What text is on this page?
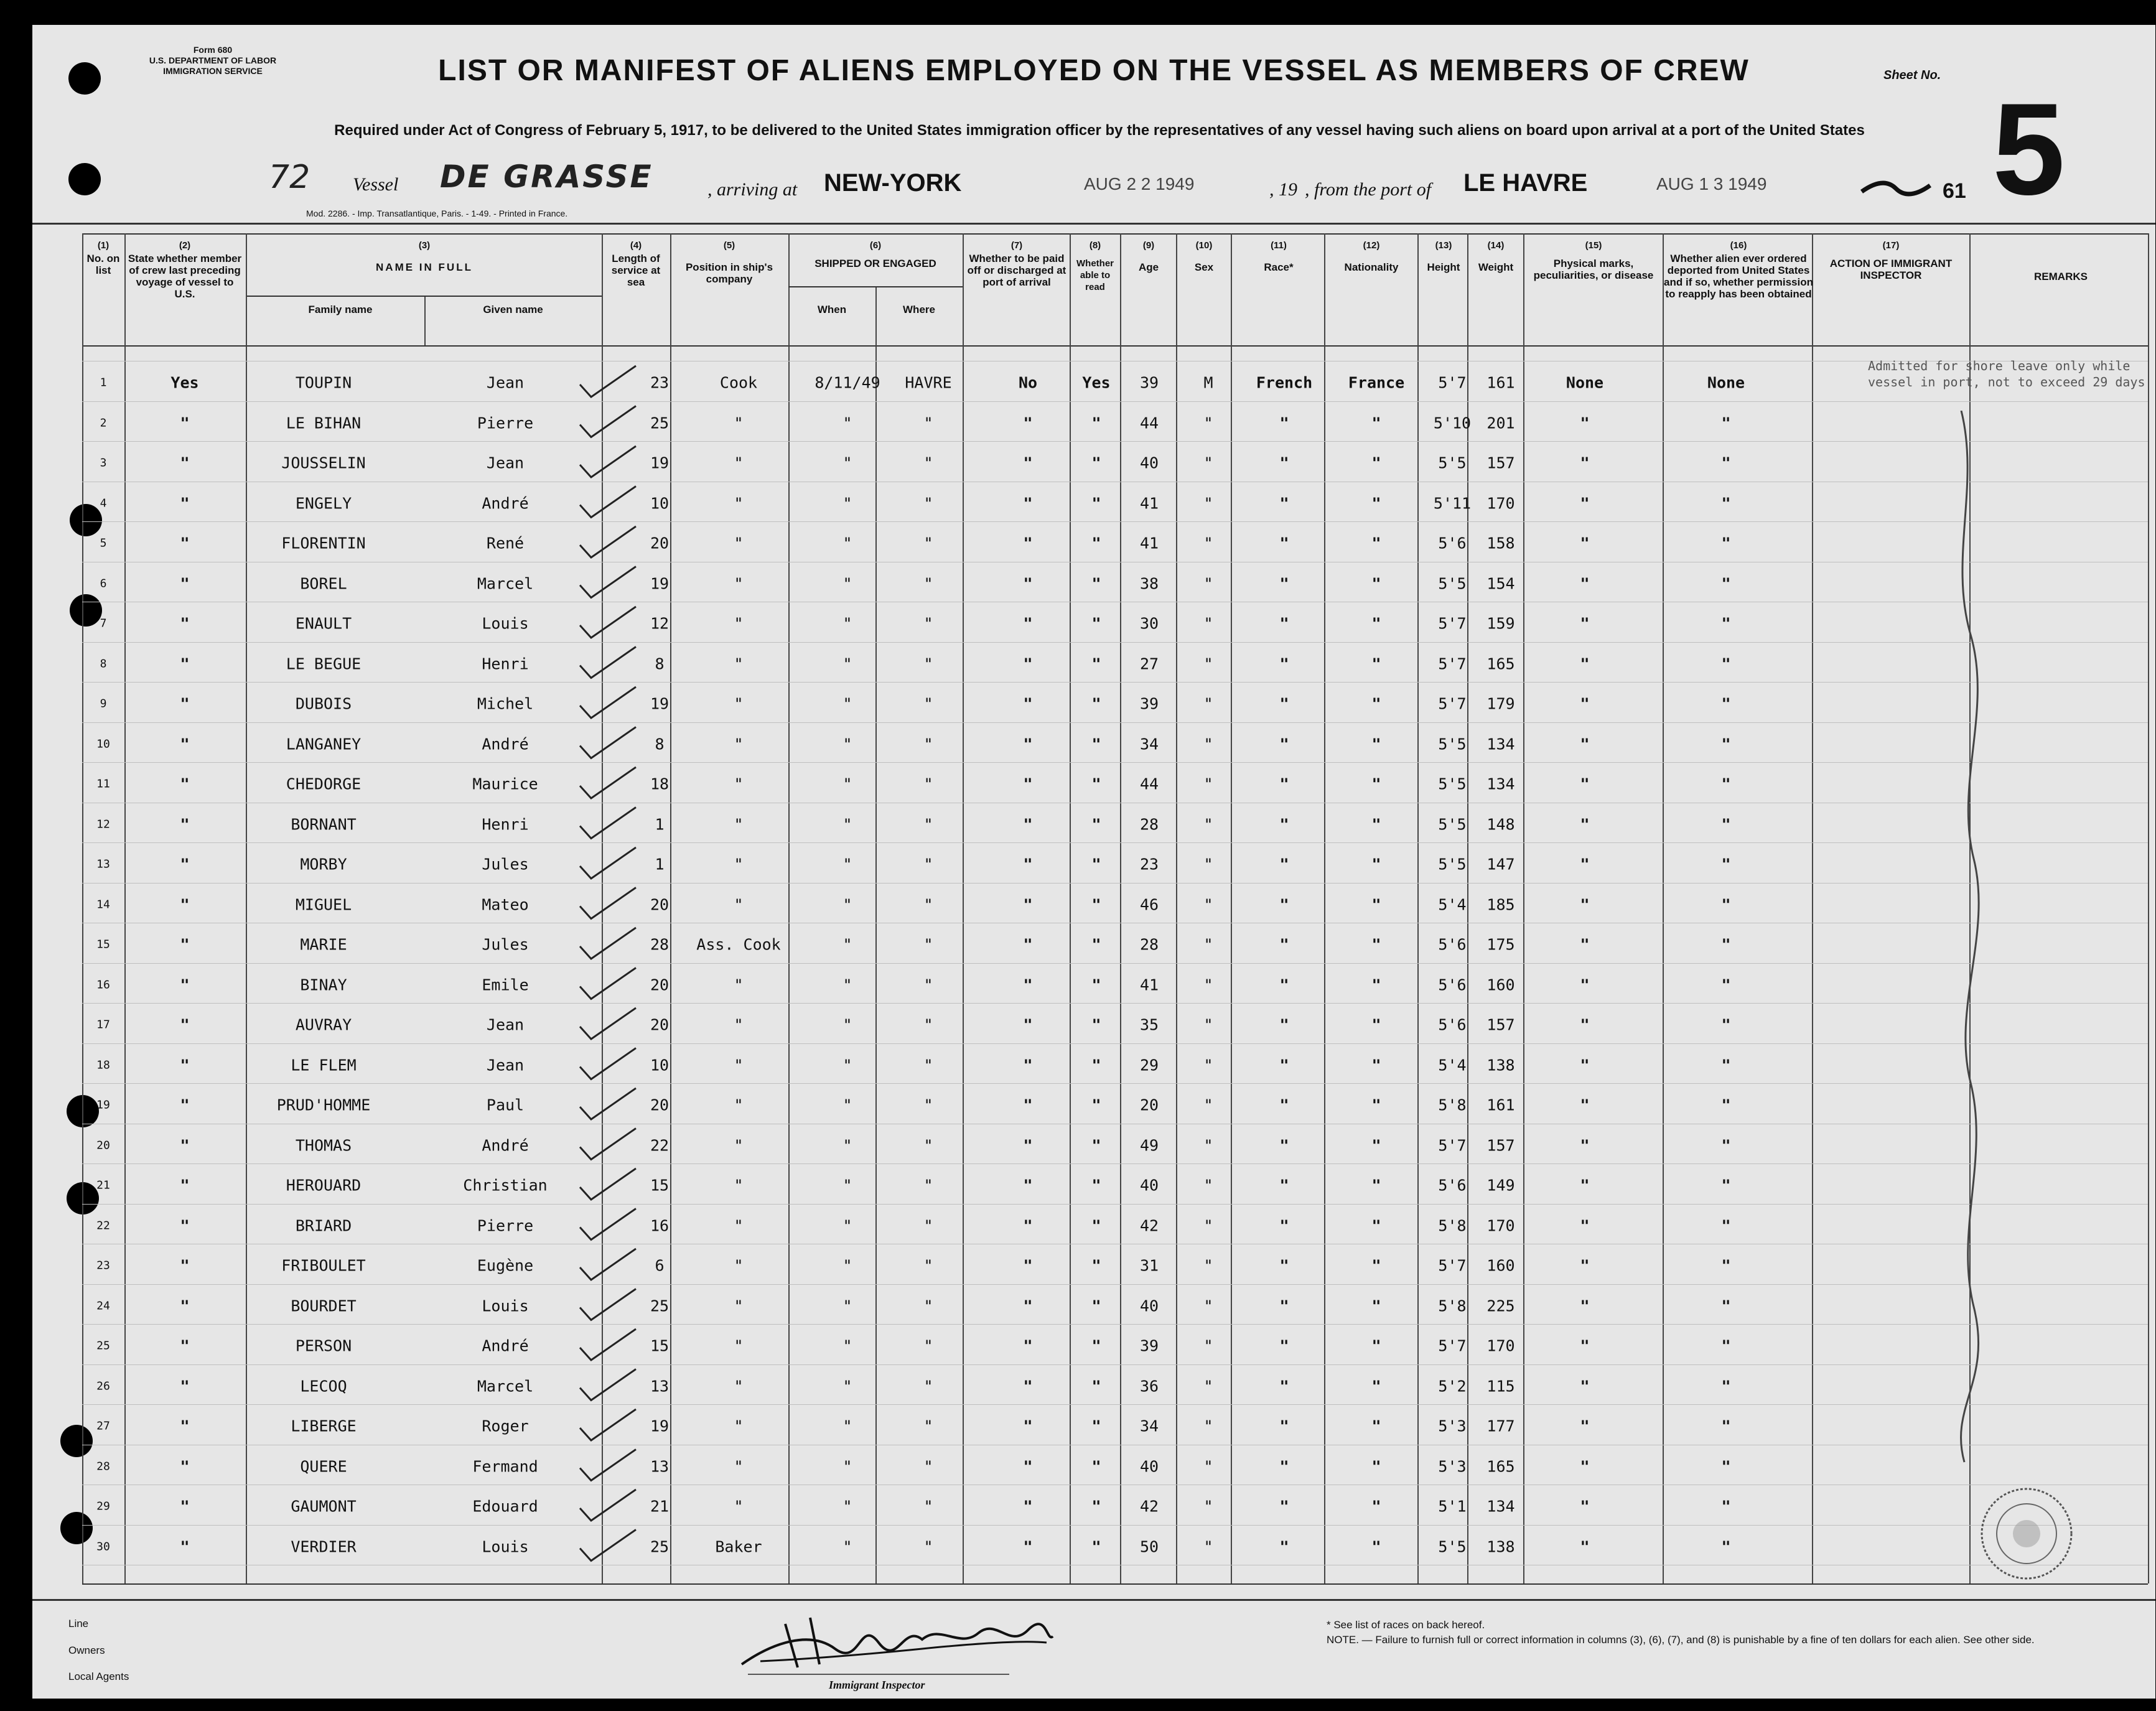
Form 680
U.S. DEPARTMENT OF LABOR
IMMIGRATION SERVICE	LIST OR MANIFEST OF ALIENS EMPLOYED ON THE VESSEL AS MEMBERS OF CREW	Sheet No.
5
Required under Act of Congress of February 5, 1917, to be delivered to the United States immigration officer by the representatives of any vessel having such aliens on board upon arrival at a port of the United States
72 Vessel DE GRASSE	, arriving at NEW-YORK	AUG 2 2 1949	, 19 , from the port of LE HAVRE	AUG 1 3 1949	61
Mod. 2286. - Imp. Transatlantique, Paris. - 1-49. - Printed in France.
(1)
No. on list
(2)
State whether member of crew last preceding voyage of vessel to U.S.
(3)
NAME IN FULL
Family name	Given name
(4)
Length of service at sea
(5)
Position in ship's company
(6)
SHIPPED OR ENGAGED
When	Where
(7)
Whether to be paid off or discharged at port of arrival
(8)
Whether able to read
(9)
Age
(10)
Sex
(11)
Race*
(12)
Nationality
(13)
Height
(14)
Weight
(15)
Physical marks, peculiarities, or disease
(16)
Whether alien ever ordered deported from United States and if so, whether permission to reapply has been obtained
(17)
ACTION OF IMMIGRANT INSPECTOR	REMARKS
1	Yes	TOUPIN	Jean	23	Cook	8/11/49	HAVRE	No	Yes	39	M	French	France	5'7	161	None	None
2	"	LE BIHAN	Pierre	25	"	"	"	"	"	44	"	"	"	5'10	201	"	"
3	"	JOUSSELIN	Jean	19	"	"	"	"	"	40	"	"	"	5'5	157	"	"
4	"	ENGELY	André	10	"	"	"	"	"	41	"	"	"	5'11	170	"	"
5	"	FLORENTIN	René	20	"	"	"	"	"	41	"	"	"	5'6	158	"	"
6	"	BOREL	Marcel	19	"	"	"	"	"	38	"	"	"	5'5	154	"	"
7	"	ENAULT	Louis	12	"	"	"	"	"	30	"	"	"	5'7	159	"	"
8	"	LE BEGUE	Henri	8	"	"	"	"	"	27	"	"	"	5'7	165	"	"
9	"	DUBOIS	Michel	19	"	"	"	"	"	39	"	"	"	5'7	179	"	"
10	"	LANGANEY	André	8	"	"	"	"	"	34	"	"	"	5'5	134	"	"
11	"	CHEDORGE	Maurice	18	"	"	"	"	"	44	"	"	"	5'5	134	"	"
12	"	BORNANT	Henri	1	"	"	"	"	"	28	"	"	"	5'5	148	"	"
13	"	MORBY	Jules	1	"	"	"	"	"	23	"	"	"	5'5	147	"	"
14	"	MIGUEL	Mateo	20	"	"	"	"	"	46	"	"	"	5'4	185	"	"
15	"	MARIE	Jules	28	Ass. Cook	"	"	"	"	28	"	"	"	5'6	175	"	"
16	"	BINAY	Emile	20	"	"	"	"	"	41	"	"	"	5'6	160	"	"
17	"	AUVRAY	Jean	20	"	"	"	"	"	35	"	"	"	5'6	157	"	"
18	"	LE FLEM	Jean	10	"	"	"	"	"	29	"	"	"	5'4	138	"	"
19	"	PRUD'HOMME	Paul	20	"	"	"	"	"	20	"	"	"	5'8	161	"	"
20	"	THOMAS	André	22	"	"	"	"	"	49	"	"	"	5'7	157	"	"
21	"	HEROUARD	Christian	15	"	"	"	"	"	40	"	"	"	5'6	149	"	"
22	"	BRIARD	Pierre	16	"	"	"	"	"	42	"	"	"	5'8	170	"	"
23	"	FRIBOULET	Eugène	6	"	"	"	"	"	31	"	"	"	5'7	160	"	"
24	"	BOURDET	Louis	25	"	"	"	"	"	40	"	"	"	5'8	225	"	"
25	"	PERSON	André	15	"	"	"	"	"	39	"	"	"	5'7	170	"	"
26	"	LECOQ	Marcel	13	"	"	"	"	"	36	"	"	"	5'2	115	"	"
27	"	LIBERGE	Roger	19	"	"	"	"	"	34	"	"	"	5'3	177	"	"
28	"	QUERE	Fermand	13	"	"	"	"	"	40	"	"	"	5'3	165	"	"
29	"	GAUMONT	Edouard	21	"	"	"	"	"	42	"	"	"	5'1	134	"	"
30	"	VERDIER	Louis	25	Baker	"	"	"	"	50	"	"	"	5'5	138	"	"
Admitted for shore leave only while vessel in port, not to exceed 29 days
Line
Owners
Local Agents
Immigrant Inspector
* See list of races on back hereof.
NOTE. — Failure to furnish full or correct information in columns (3), (6), (7), and (8) is punishable by a fine of ten dollars for each alien. See other side.
